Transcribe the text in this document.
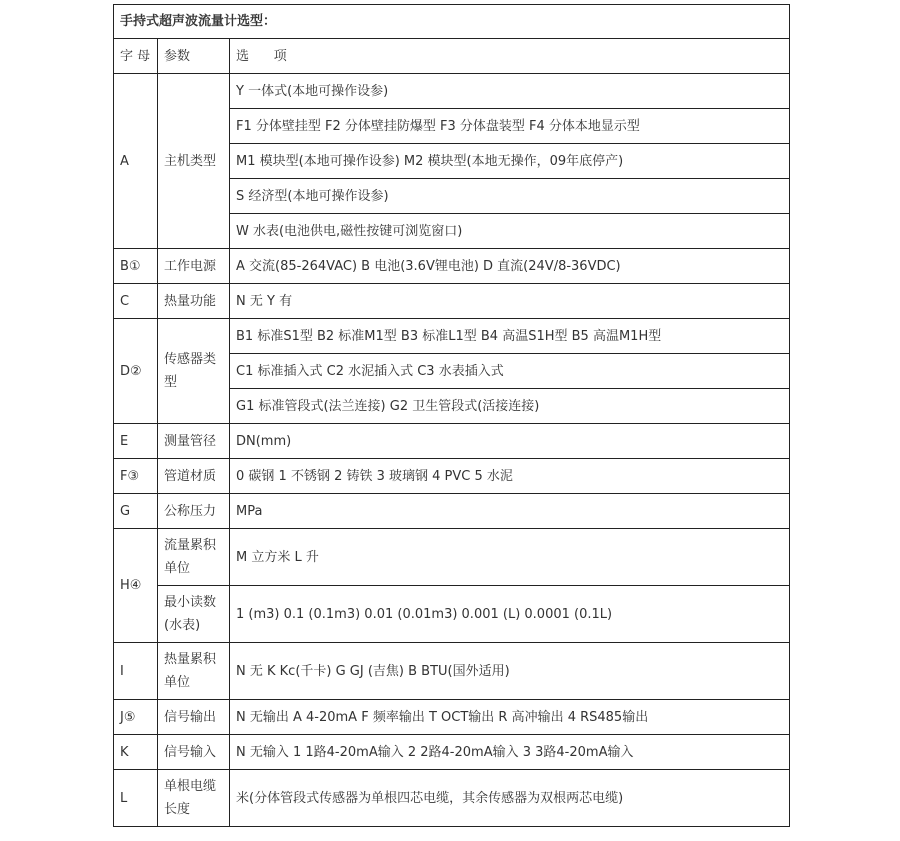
手持式超声波流量计选型：		
字 母	参数	选      项
A	主机类型	Y 一体式(本地可操作设参)
		F1 分体壁挂型 F2 分体壁挂防爆型 F3 分体盘装型 F4 分体本地显示型
		M1 模块型(本地可操作设参) M2 模块型(本地无操作，09年底停产)
		S 经济型(本地可操作设参)
		W 水表(电池供电,磁性按键可浏览窗口)
B①	工作电源	A 交流(85-264VAC) B 电池(3.6V锂电池) D 直流(24V/8-36VDC)
C	热量功能	N 无 Y 有
D②	传感器类型	B1 标准S1型 B2 标准M1型 B3 标准L1型 B4 高温S1H型 B5 高温M1H型
		C1 标准插入式 C2 水泥插入式 C3 水表插入式
		G1 标准管段式(法兰连接) G2 卫生管段式(活接连接)
E	测量管径	DN(mm)
F③	管道材质	0 碳钢 1 不锈钢 2 铸铁 3 玻璃钢 4 PVC 5 水泥
G	公称压力	MPa
H④	流量累积单位	M 立方米 L 升
	最小读数(水表)	1 (m3) 0.1 (0.1m3) 0.01 (0.01m3) 0.001 (L) 0.0001 (0.1L)
I	热量累积单位	N 无 K Kc(千卡) G GJ (吉焦) B BTU(国外适用)
J⑤	信号输出	N 无输出 A 4-20mA F 频率输出 T OCT输出 R 高冲输出 4 RS485输出
K	信号输入	N 无输入 1 1路4-20mA输入 2 2路4-20mA输入 3 3路4-20mA输入
L	单根电缆长度	米(分体管段式传感器为单根四芯电缆，其余传感器为双根两芯电缆)
